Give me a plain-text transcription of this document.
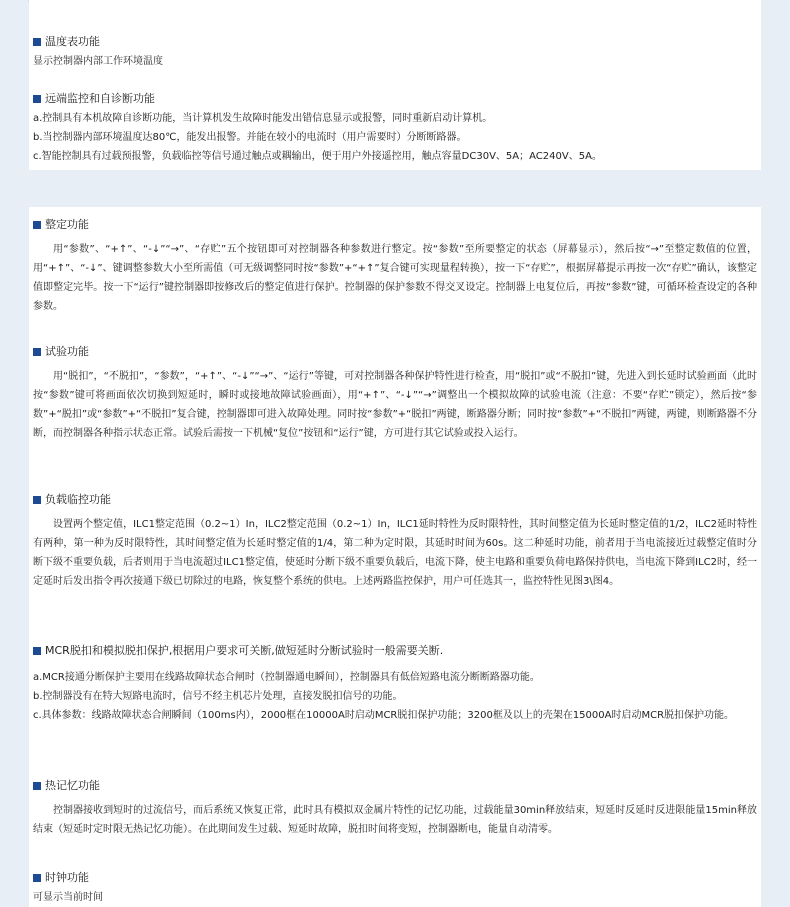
温度表功能

显示控制器内部工作环境温度

远端监控和自诊断功能

a.控制具有本机故障自诊断功能，当计算机发生故障时能发出错信息显示或报警，同时重新启动计算机。

b.当控制器内部环境温度达80℃，能发出报警。并能在较小的电流时（用户需要时）分断断路器。

c.智能控制具有过载预报警，负载临控等信号通过触点或耦输出，便于用户外接遥控用，触点容量DC30V、5A；AC240V、5A。

整定功能

用“参数”、“+↑”、“-↓”“→”、“存贮”五个按钮即可对控制器各种参数进行整定。按“参数”至所要整定的状态（屏幕显示），然后按“→”至整定数值的位置，用“+↑”、“-↓”、键调整参数大小至所需值（可无级调整同时按“参数”+“+↑”复合键可实现量程转换），按一下“存贮”，根据屏幕提示再按一次“存贮”确认，该整定值即整定完毕。按一下“运行”键控制器即按修改后的整定值进行保护。控制器的保护参数不得交叉设定。控制器上电复位后，再按“参数”键，可循环检查设定的各种参数。

试验功能

用“脱扣”，“不脱扣”，“参数”，“+↑”、“-↓”“→”、“运行”等键，可对控制器各种保护特性进行检查，用“脱扣”或“不脱扣”键，先进入到长延时试验画面（此时按“参数”键可将画面依次切换到短延时，瞬时或接地故障试验画面），用“+↑”、“-↓”“→”调整出一个模拟故障的试验电流（注意：不要“存贮”锁定），然后按“参数”+“脱扣”或“参数”+“不脱扣”复合键，控制器即可进入故障处理。同时按“参数”+“脱扣”两键，断路器分断；同时按“参数”+“不脱扣”两键，两键，则断路器不分断，而控制器各种指示状态正常。试验后需按一下机械“复位”按钮和“运行”键，方可进行其它试验或投入运行。

负载临控功能

设置两个整定值，ILC1整定范围（0.2~1）In，ILC2整定范围（0.2~1）In，ILC1延时特性为反时限特性，其时间整定值为长延时整定值的1/2，ILC2延时特性有两种，第一种为反时限特性，其时间整定值为长延时整定值的1/4，第二种为定时限，其延时时间为60s。这二种延时功能，前者用于当电流接近过载整定值时分断下级不重要负载，后者则用于当电流超过ILC1整定值，使延时分断下级不重要负载后，电流下降，使主电路和重要负荷电路保持供电，当电流下降到ILC2时，经一定延时后发出指令再次接通下级已切除过的电路，恢复整个系统的供电。上述两路监控保护，用户可任选其一，监控特性见图3\图4。

MCR脱扣和模拟脱扣保护,根据用户要求可关断,做短延时分断试验时一般需要关断.

a.MCR接通分断保护主要用在线路故障状态合闸时（控制器通电瞬间），控制器具有低倍短路电流分断断路器功能。

b.控制器没有在特大短路电流时，信号不经主机芯片处理，直接发脱扣信号的功能。

c.具体参数：线路故障状态合闸瞬间（100ms内），2000框在10000A时启动MCR脱扣保护功能；3200框及以上的壳架在15000A时启动MCR脱扣保护功能。

热记忆功能

控制器接收到短时的过流信号，而后系统又恢复正常，此时具有模拟双金属片特性的记忆功能，过载能量30min释放结束，短延时反延时反进限能量15min释放结束（短延时定时限无热记忆功能）。在此期间发生过载、短延时故障，脱扣时间将变短，控制器断电，能量自动清零。

时钟功能

可显示当前时间
